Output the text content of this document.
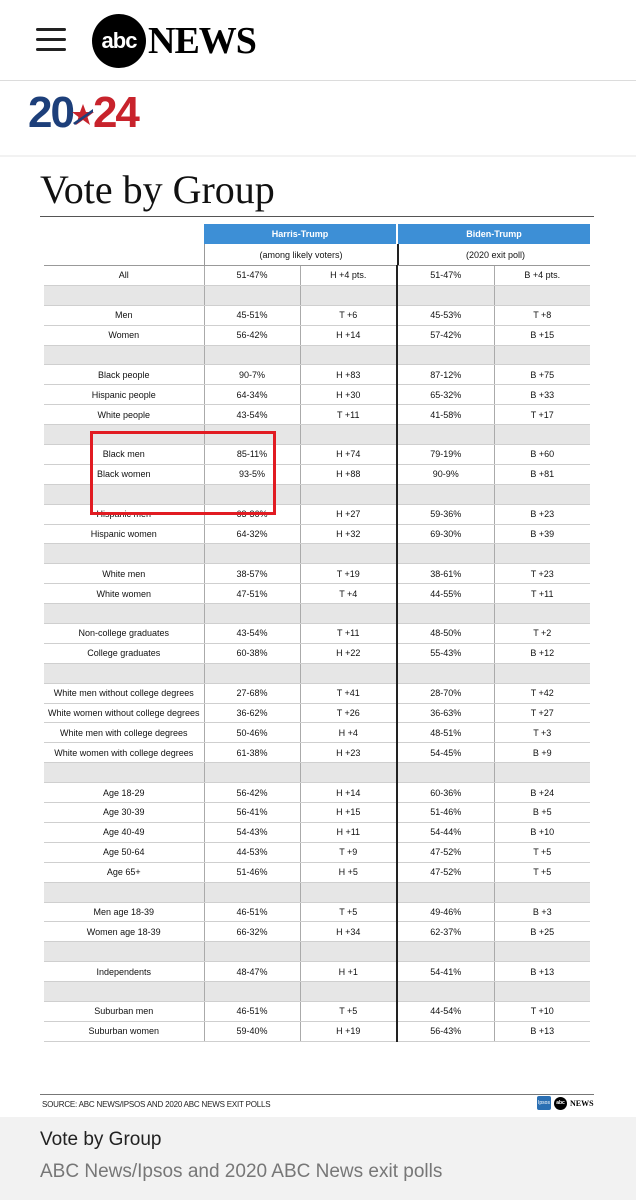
abc NEWS
20 24
Vote by Group
Harris-Trump	Biden-Trump
(among likely voters)	(2020 exit poll)
All	51-47%	H +4 pts.	51-47%	B +4 pts.

Men	45-51%	T +6	45-53%	T +8
Women	56-42%	H +14	57-42%	B +15

Black people	90-7%	H +83	87-12%	B +75
Hispanic people	64-34%	H +30	65-32%	B +33
White people	43-54%	T +11	41-58%	T +17

Black men	85-11%	H +74	79-19%	B +60
Black women	93-5%	H +88	90-9%	B +81

Hispanic men	63-36%	H +27	59-36%	B +23
Hispanic women	64-32%	H +32	69-30%	B +39

White men	38-57%	T +19	38-61%	T +23
White women	47-51%	T +4	44-55%	T +11

Non-college graduates	43-54%	T +11	48-50%	T +2
College graduates	60-38%	H +22	55-43%	B +12

White men without college degrees	27-68%	T +41	28-70%	T +42
White women without college degrees	36-62%	T +26	36-63%	T +27
White men with college degrees	50-46%	H +4	48-51%	T +3
White women with college degrees	61-38%	H +23	54-45%	B +9

Age 18-29	56-42%	H +14	60-36%	B +24
Age 30-39	56-41%	H +15	51-46%	B +5
Age 40-49	54-43%	H +11	54-44%	B +10
Age 50-64	44-53%	T +9	47-52%	T +5
Age 65+	51-46%	H +5	47-52%	T +5

Men age 18-39	46-51%	T +5	49-46%	B +3
Women age 18-39	66-32%	H +34	62-37%	B +25

Independents	48-47%	H +1	54-41%	B +13

Suburban men	46-51%	T +5	44-54%	T +10
Suburban women	59-40%	H +19	56-43%	B +13
SOURCE: ABC NEWS/IPSOS AND 2020 ABC NEWS EXIT POLLS	Ipsos	abc NEWS
Vote by Group
ABC News/Ipsos and 2020 ABC News exit polls
